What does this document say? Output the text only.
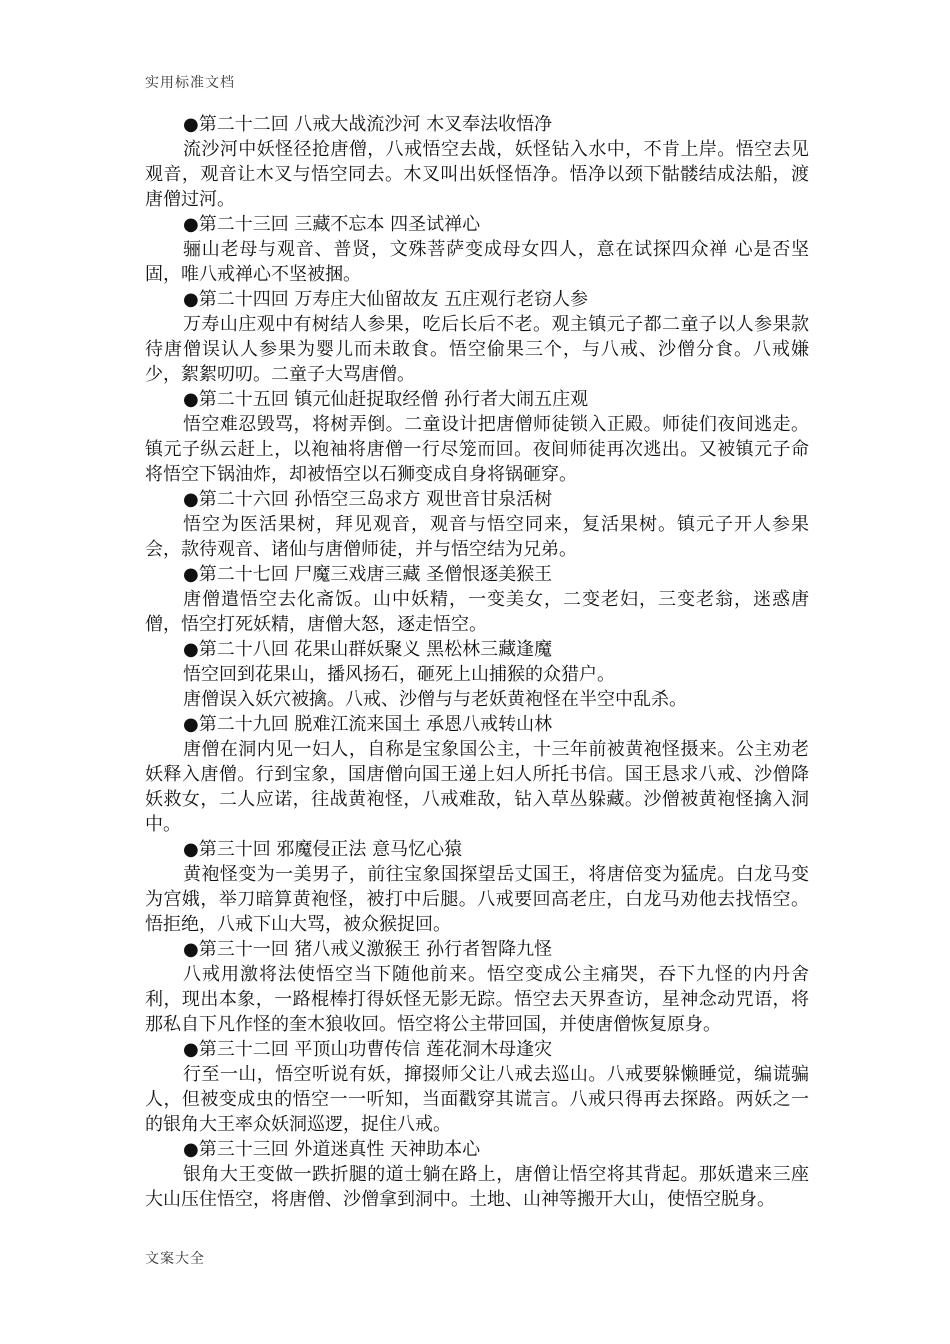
实用标准文档
●第二十二回 八戒大战流沙河 木叉奉法收悟净
流沙河中妖怪径抢唐僧，八戒悟空去战，妖怪钻入水中，不肯上岸。悟空去见观音，观音让木叉与悟空同去。木叉叫出妖怪悟净。悟净以颈下骷髅结成法船，渡唐僧过河。
●第二十三回 三藏不忘本 四圣试禅心
骊山老母与观音、普贤，文殊菩萨变成母女四人，意在试探四众禅 心是否坚固，唯八戒禅心不坚被捆。
●第二十四回 万寿庄大仙留故友 五庄观行老窃人参
万寿山庄观中有树结人参果，吃后长后不老。观主镇元子都二童子以人参果款待唐僧误认人参果为婴儿而未敢食。悟空偷果三个，与八戒、沙僧分食。八戒嫌少，絮絮叨叨。二童子大骂唐僧。
●第二十五回 镇元仙赶捉取经僧 孙行者大闹五庄观
悟空难忍毁骂，将树弄倒。二童设计把唐僧师徒锁入正殿。师徒们夜间逃走。镇元子纵云赶上，以袍袖将唐僧一行尽笼而回。夜间师徒再次逃出。又被镇元子命将悟空下锅油炸，却被悟空以石狮变成自身将锅砸穿。
●第二十六回 孙悟空三岛求方 观世音甘泉活树
悟空为医活果树，拜见观音，观音与悟空同来，复活果树。镇元子开人参果会，款待观音、诸仙与唐僧师徒，并与悟空结为兄弟。
●第二十七回 尸魔三戏唐三藏 圣僧恨逐美猴王
唐僧遣悟空去化斋饭。山中妖精，一变美女，二变老妇，三变老翁，迷惑唐僧，悟空打死妖精，唐僧大怒，逐走悟空。
●第二十八回 花果山群妖聚义 黑松林三藏逢魔
悟空回到花果山，播风扬石，砸死上山捕猴的众猎户。
唐僧误入妖穴被擒。八戒、沙僧与与老妖黄袍怪在半空中乱杀。
●第二十九回 脱难江流来国土 承恩八戒转山林
唐僧在洞内见一妇人，自称是宝象国公主，十三年前被黄袍怪摄来。公主劝老妖释入唐僧。行到宝象，国唐僧向国王递上妇人所托书信。国王恳求八戒、沙僧降妖救女，二人应诺，往战黄袍怪，八戒难敌，钻入草丛躲藏。沙僧被黄袍怪擒入洞中。
●第三十回 邪魔侵正法 意马忆心猿
黄袍怪变为一美男子，前往宝象国探望岳丈国王，将唐倍变为猛虎。白龙马变为宫娥，举刀暗算黄袍怪，被打中后腿。八戒要回高老庄，白龙马劝他去找悟空。悟拒绝，八戒下山大骂，被众猴捉回。
●第三十一回 猪八戒义激猴王 孙行者智降九怪
八戒用激将法使悟空当下随他前来。悟空变成公主痛哭，吞下九怪的内丹舍利，现出本象，一路棍棒打得妖怪无影无踪。悟空去天界查访，星神念动咒语，将那私自下凡作怪的奎木狼收回。悟空将公主带回国，并使唐僧恢复原身。
●第三十二回 平顶山功曹传信 莲花洞木母逢灾
行至一山，悟空听说有妖，撺掇师父让八戒去巡山。八戒要躲懒睡觉，编谎骗人，但被变成虫的悟空一一听知，当面戳穿其谎言。八戒只得再去探路。两妖之一的银角大王率众妖洞巡逻，捉住八戒。
●第三十三回 外道迷真性 天神助本心
银角大王变做一跌折腿的道士躺在路上，唐僧让悟空将其背起。那妖遣来三座大山压住悟空，将唐僧、沙僧拿到洞中。土地、山神等搬开大山，使悟空脱身。
文案大全
